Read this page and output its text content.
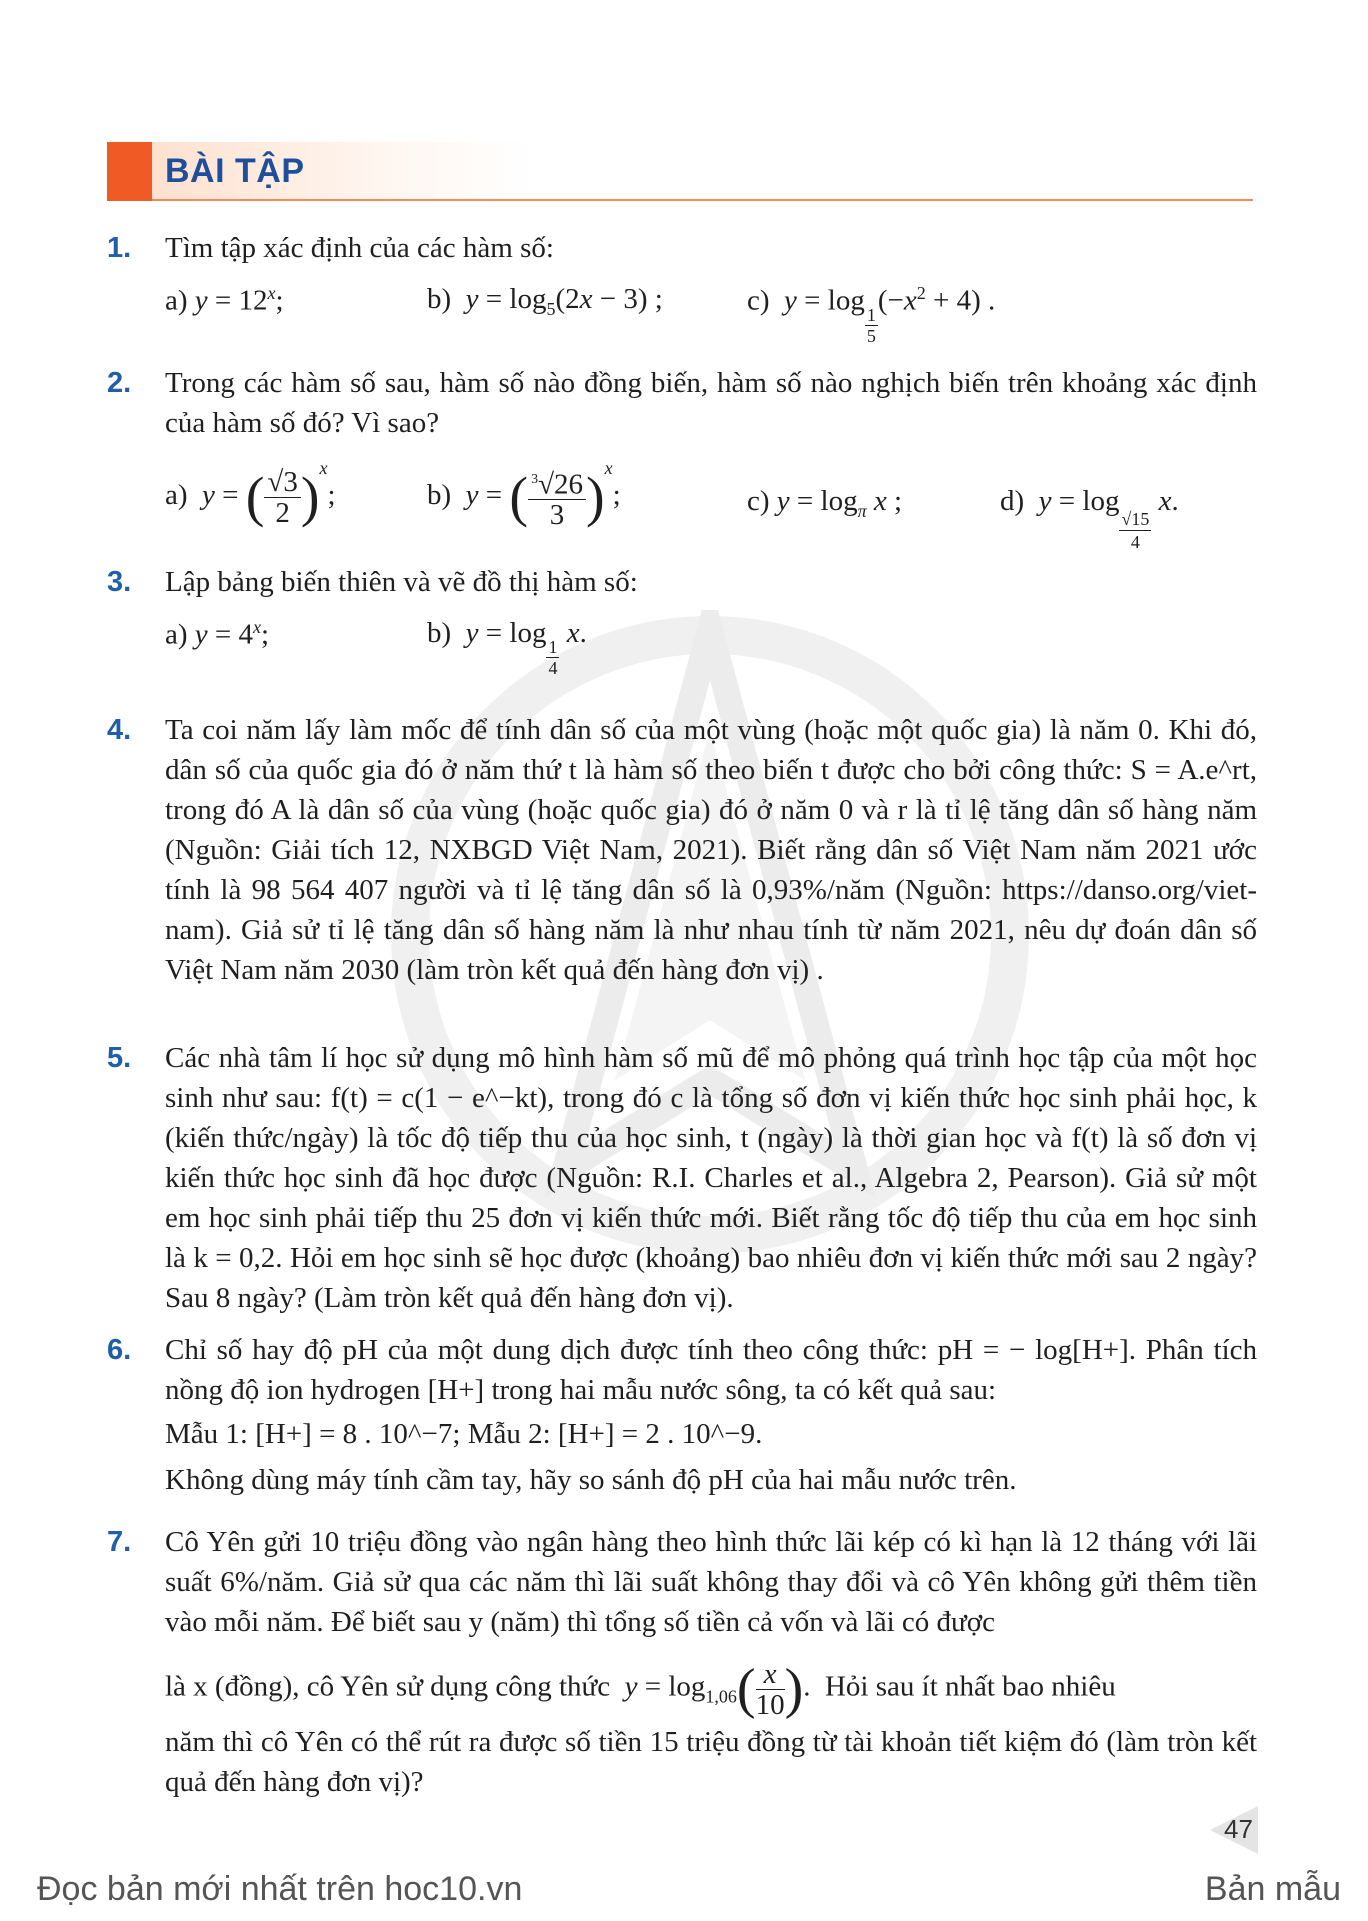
BÀI TẬP
1. Tìm tập xác định của các hàm số:
a) $y = 12^x$;	b)  $y = \log_5(2x - 3)$ ;	c)  y = log
$\frac{1}{5}$
$(-x^2 + 4)$ .
2. Trong các hàm số sau, hàm số nào đồng biến, hàm số nào nghịch biến trên khoảng xác định của hàm số đó? Vì sao?
a)  y = ( $\frac{√3}{2} )^x$;	b)  y = ( $\frac{^3√26}{3} )^x$;	c) $y = \log_\pi x$ ;	d)  y = log
$\frac{√15}{4}$
x.
3. Lập bảng biến thiên và vẽ đồ thị hàm số:
a) $y = 4^x$;	b)  y = log
$\frac{1}{4}$
x.
4. Ta coi năm lấy làm mốc để tính dân số của một vùng (hoặc một quốc gia) là năm 0. Khi đó, dân số của quốc gia đó ở năm thứ t là hàm số theo biến t được cho bởi công thức: S = A.e^rt, trong đó A là dân số của vùng (hoặc quốc gia) đó ở năm 0 và r là tỉ lệ tăng dân số hàng năm (Nguồn: Giải tích 12, NXBGD Việt Nam, 2021). Biết rằng dân số Việt Nam năm 2021 ước tính là 98 564 407 người và tỉ lệ tăng dân số là 0,93%/năm (Nguồn: https://danso.org/viet-nam). Giả sử tỉ lệ tăng dân số hàng năm là như nhau tính từ năm 2021, nêu dự đoán dân số Việt Nam năm 2030 (làm tròn kết quả đến hàng đơn vị) .
5. Các nhà tâm lí học sử dụng mô hình hàm số mũ để mô phỏng quá trình học tập của một học sinh như sau: f(t) = c(1 − e^−kt), trong đó c là tổng số đơn vị kiến thức học sinh phải học, k (kiến thức/ngày) là tốc độ tiếp thu của học sinh, t (ngày) là thời gian học và f(t) là số đơn vị kiến thức học sinh đã học được (Nguồn: R.I. Charles et al., Algebra 2, Pearson). Giả sử một em học sinh phải tiếp thu 25 đơn vị kiến thức mới. Biết rằng tốc độ tiếp thu của em học sinh là k = 0,2. Hỏi em học sinh sẽ học được (khoảng) bao nhiêu đơn vị kiến thức mới sau 2 ngày? Sau 8 ngày? (Làm tròn kết quả đến hàng đơn vị).
6. Chỉ số hay độ pH của một dung dịch được tính theo công thức: pH = − log[H+]. Phân tích nồng độ ion hydrogen [H+] trong hai mẫu nước sông, ta có kết quả sau:
Mẫu 1: [H+] = 8 . 10^−7; Mẫu 2: [H+] = 2 . 10^−9.
Không dùng máy tính cầm tay, hãy so sánh độ pH của hai mẫu nước trên.
7. Cô Yên gửi 10 triệu đồng vào ngân hàng theo hình thức lãi kép có kì hạn là 12 tháng với lãi suất 6%/năm. Giả sử qua các năm thì lãi suất không thay đổi và cô Yên không gửi thêm tiền vào mỗi năm. Để biết sau y (năm) thì tổng số tiền cả vốn và lãi có được
là x (đồng), cô Yên sử dụng công thức $y = \log_{1,06}( \frac{x}{10}$ ).  Hỏi sau ít nhất bao nhiêu
năm thì cô Yên có thể rút ra được số tiền 15 triệu đồng từ tài khoản tiết kiệm đó (làm tròn kết quả đến hàng đơn vị)?
47
Đọc bản mới nhất trên hoc10.vn	Bản mẫu
